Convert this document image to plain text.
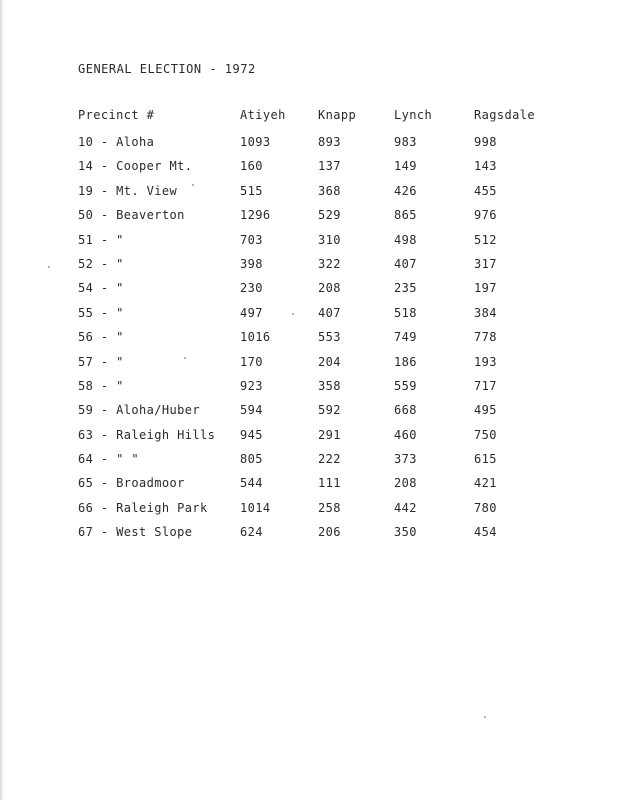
GENERAL ELECTION - 1972
Precinct #	Atiyeh	Knapp	Lynch	Ragsdale
10 - Aloha	1093	893	983	998
14 - Cooper Mt.	160	137	149	143
19 - Mt. View	515	368	426	455
50 - Beaverton	1296	529	865	976
51 - "	703	310	498	512
52 - "	398	322	407	317
54 - "	230	208	235	197
55 - "	497	407	518	384
56 - "	1016	553	749	778
57 - "	170	204	186	193
58 - "	923	358	559	717
59 - Aloha/Huber	594	592	668	495
63 - Raleigh Hills 945	291	460	750
64 - " "	805	222	373	615
65 - Broadmoor	544	111	208	421
66 - Raleigh Park	1014	258	442	780
67 - West Slope	624	206	350	454
